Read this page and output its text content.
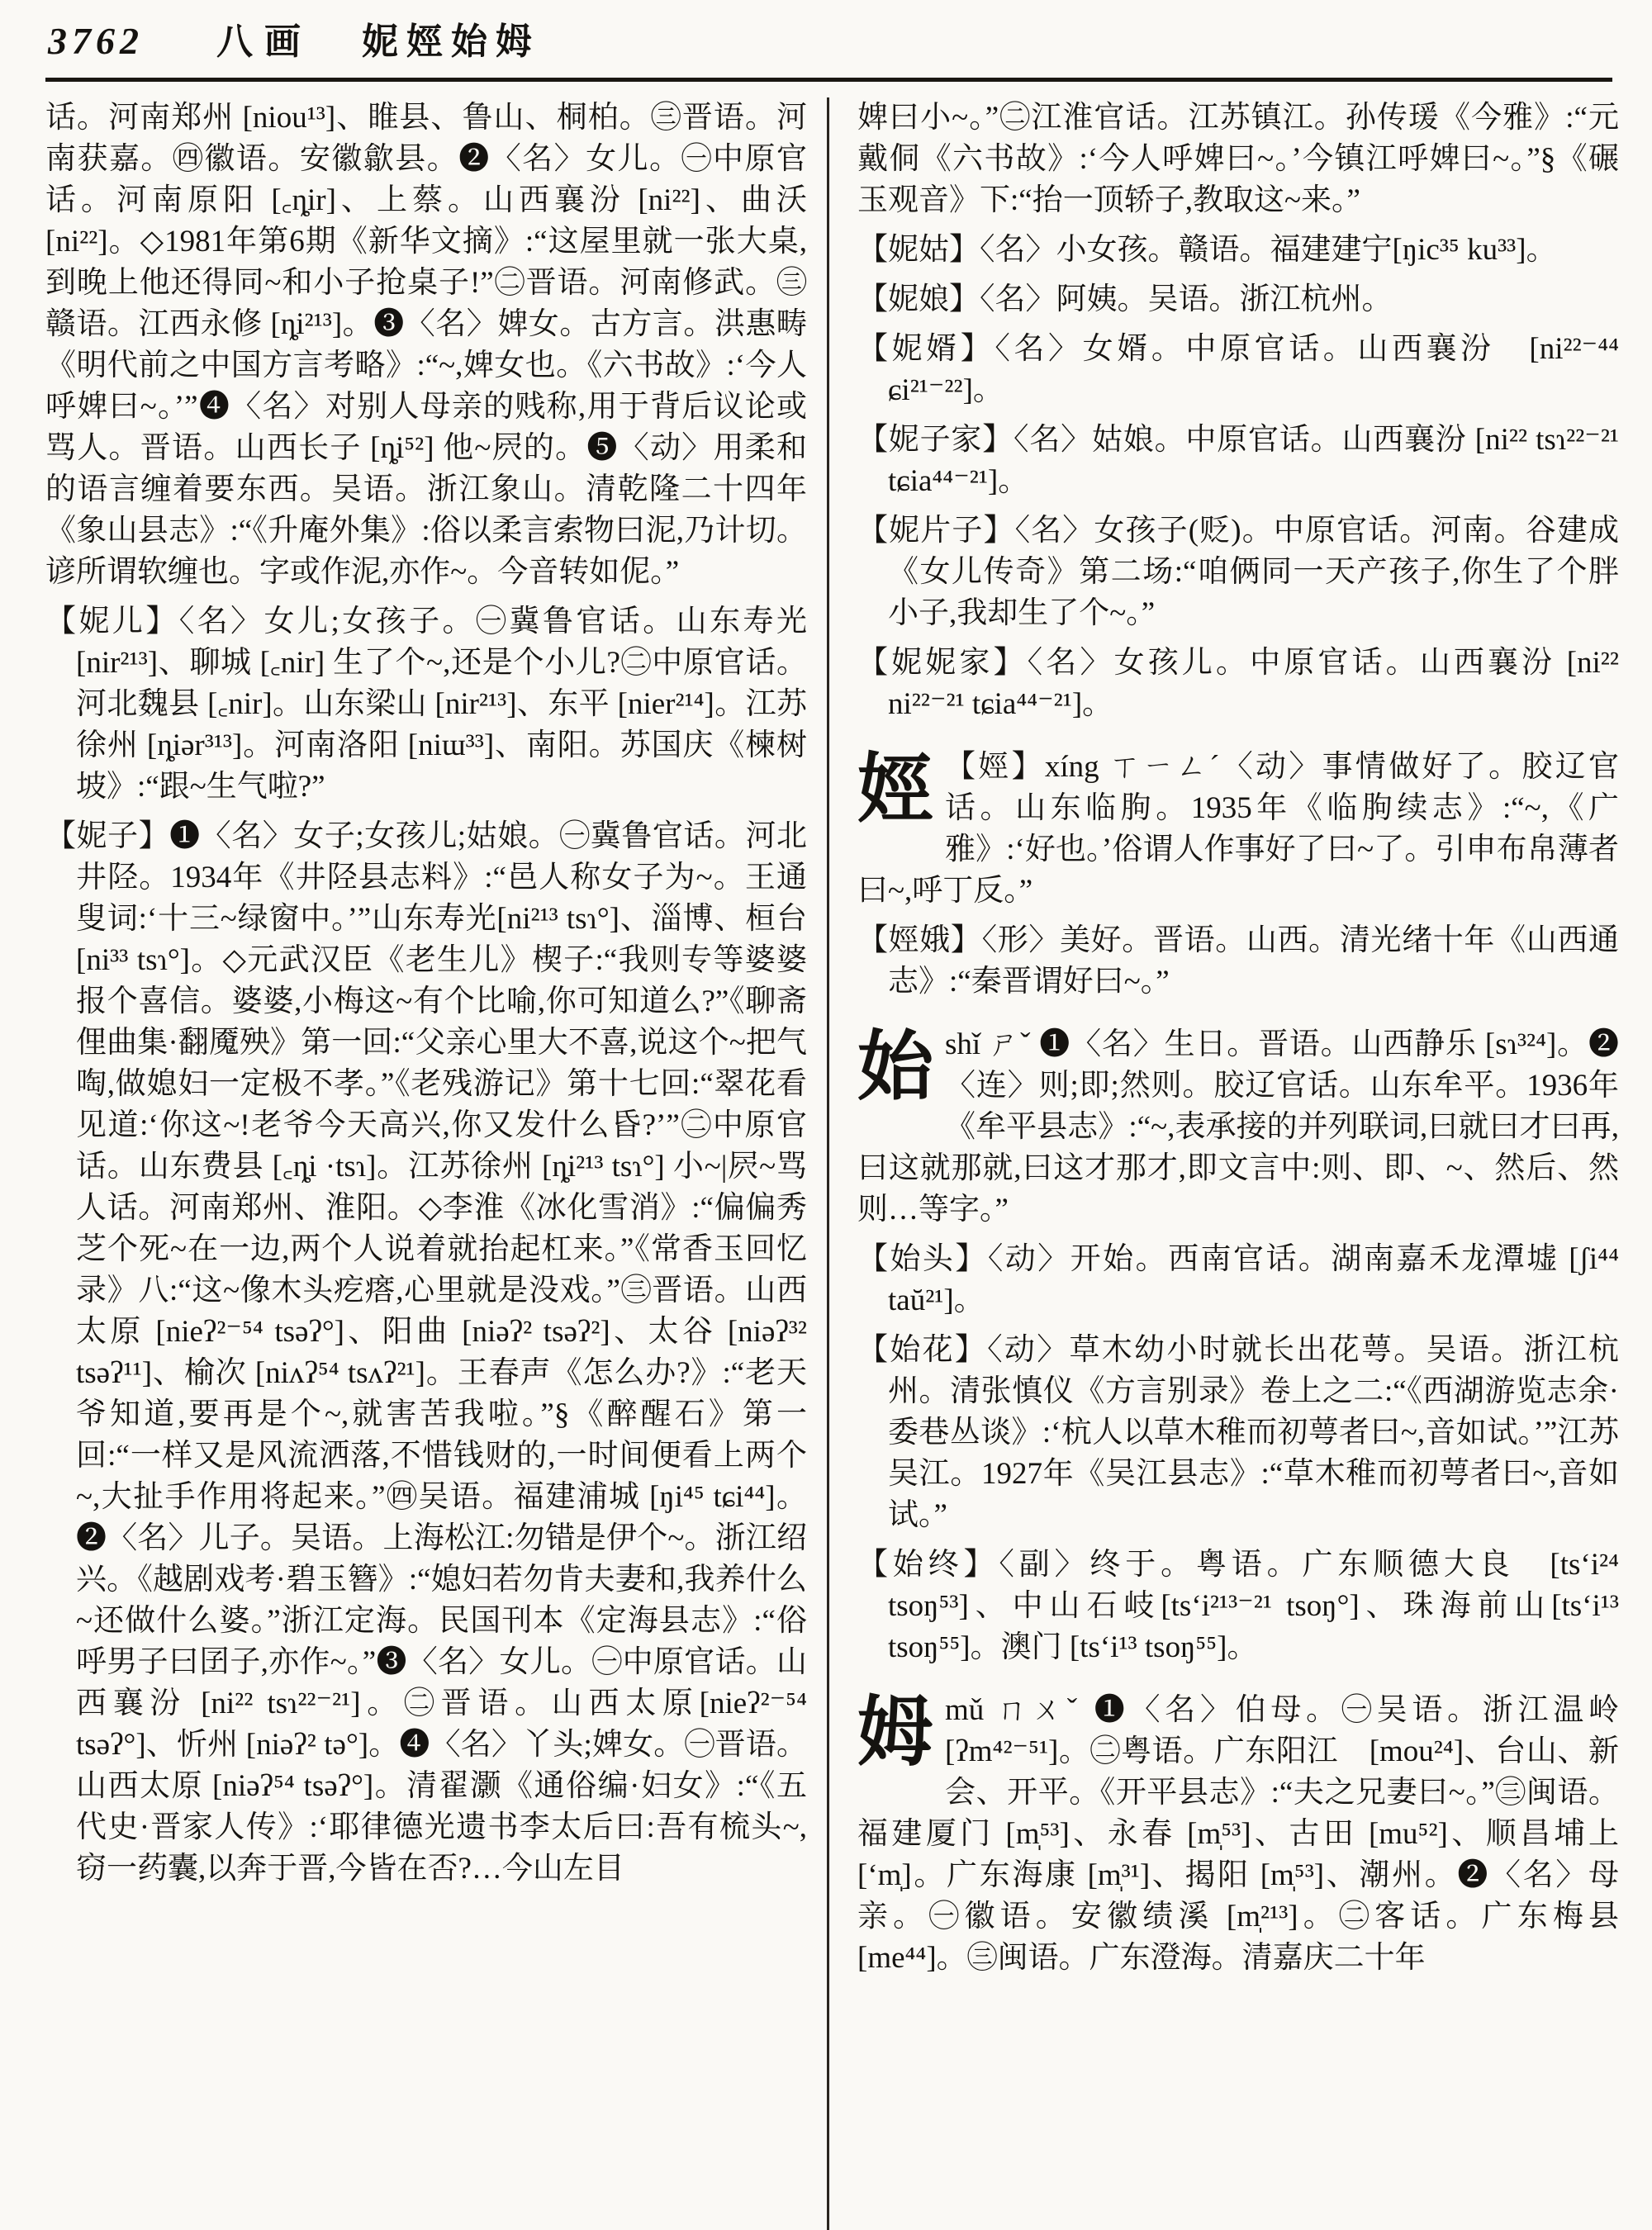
3762 八画 妮娙始姆

话。河南郑州 [niou¹³]、睢县、鲁山、桐柏。㊂晋语。河南获嘉。㊃徽语。安徽歙县。❷〈名〉女儿。㊀中原官话。河南原阳 [꜀ȵir]、上蔡。山西襄汾 [ni²²]、曲沃 [ni²²]。◇1981年第6期《新华文摘》:“这屋里就一张大桌,到晚上他还得同~和小子抢桌子!”㊁晋语。河南修武。㊂赣语。江西永修 [ȵi²¹³]。❸〈名〉婢女。古方言。洪惠畴《明代前之中国方言考略》:“~,婢女也。《六书故》:‘今人呼婢曰~。’”❹〈名〉对别人母亲的贱称,用于背后议论或骂人。晋语。山西长子 [ȵi⁵²] 他~屄的。❺〈动〉用柔和的语言缠着要东西。吴语。浙江象山。清乾隆二十四年《象山县志》:“《升庵外集》:俗以柔言索物曰泥,乃计切。谚所谓软缠也。字或作泥,亦作~。今音转如伲。”

【妮儿】〈名〉女儿;女孩子。㊀冀鲁官话。山东寿光 [nir²¹³]、聊城 [꜀nir] 生了个~,还是个小儿?㊁中原官话。河北魏县 [꜀nir]。山东梁山 [nir²¹³]、东平 [nier²¹⁴]。江苏徐州 [ȵiər³¹³]。河南洛阳 [niɯ³³]、南阳。苏国庆《楝树坡》:“跟~生气啦?”

【妮子】❶〈名〉女子;女孩儿;姑娘。㊀冀鲁官话。河北井陉。1934年《井陉县志料》:“邑人称女子为~。王通叟词:‘十三~绿窗中。’”山东寿光[ni²¹³ tsɿ°]、淄博、桓台 [ni³³ tsɿ°]。◇元武汉臣《老生儿》楔子:“我则专等婆婆报个喜信。婆婆,小梅这~有个比喻,你可知道么?”《聊斋俚曲集·翻魇殃》第一回:“父亲心里大不喜,说这个~把气啕,做媳妇一定极不孝。”《老残游记》第十七回:“翠花看见道:‘你这~!老爷今天高兴,你又发什么昏?’”㊁中原官话。山东费县 [꜀ȵi ·tsɿ]。江苏徐州 [ȵi²¹³ tsɿ°] 小~|屄~骂人话。河南郑州、淮阳。◇李淮《冰化雪消》:“偏偏秀芝个死~在一边,两个人说着就抬起杠来。”《常香玉回忆录》八:“这~像木头疙瘩,心里就是没戏。”㊂晋语。山西太原 [nieʔ²⁻⁵⁴ tsəʔ°]、阳曲 [niəʔ² tsəʔ²]、太谷 [niəʔ³² tsəʔ¹¹]、榆次 [niʌʔ⁵⁴ tsʌʔ²¹]。王春声《怎么办?》:“老天爷知道,要再是个~,就害苦我啦。”§《醉醒石》第一回:“一样又是风流洒落,不惜钱财的,一时间便看上两个~,大扯手作用将起来。”㊃吴语。福建浦城 [ŋi⁴⁵ tɕi⁴⁴]。❷〈名〉儿子。吴语。上海松江:勿错是伊个~。浙江绍兴。《越剧戏考·碧玉簪》:“媳妇若勿肯夫妻和,我养什么~还做什么婆。”浙江定海。民国刊本《定海县志》:“俗呼男子曰囝子,亦作~。”❸〈名〉女儿。㊀中原官话。山西襄汾 [ni²² tsɿ²²⁻²¹]。㊁晋语。山西太原[nieʔ²⁻⁵⁴ tsəʔ°]、忻州 [niəʔ² tə°]。❹〈名〉丫头;婢女。㊀晋语。山西太原 [niəʔ⁵⁴ tsəʔ°]。清翟灏《通俗编·妇女》:“《五代史·晋家人传》:‘耶律德光遗书李太后曰:吾有梳头~,窃一药囊,以奔于晋,今皆在否?…今山左目

婢曰小~。”㊁江淮官话。江苏镇江。孙传瑗《今雅》:“元戴侗《六书故》:‘今人呼婢曰~。’今镇江呼婢曰~。”§《碾玉观音》下:“抬一顶轿子,教取这~来。”

【妮姑】〈名〉小女孩。赣语。福建建宁[ŋic³⁵ ku³³]。

【妮娘】〈名〉阿姨。吴语。浙江杭州。

【妮婿】〈名〉女婿。中原官话。山西襄汾　[ni²²⁻⁴⁴ ɕi²¹⁻²²]。

【妮子家】〈名〉姑娘。中原官话。山西襄汾 [ni²² tsɿ²²⁻²¹ tɕia⁴⁴⁻²¹]。

【妮片子】〈名〉女孩子(贬)。中原官话。河南。谷建成《女儿传奇》第二场:“咱俩同一天产孩子,你生了个胖小子,我却生了个~。”

【妮妮家】〈名〉女孩儿。中原官话。山西襄汾 [ni²² ni²²⁻²¹ tɕia⁴⁴⁻²¹]。

娙 【娙】xíng ㄒㄧㄥˊ〈动〉事情做好了。胶辽官话。山东临朐。1935年《临朐续志》:“~,《广雅》:‘好也。’俗谓人作事好了曰~了。引申布帛薄者曰~,呼丁反。”

【娙娥】〈形〉美好。晋语。山西。清光绪十年《山西通志》:“秦晋谓好曰~。”

始shǐ ㄕˇ ❶〈名〉生日。晋语。山西静乐 [sɿ³²⁴]。❷〈连〉则;即;然则。胶辽官话。山东牟平。1936年《牟平县志》:“~,表承接的并列联词,曰就曰才曰再,曰这就那就,曰这才那才,即文言中:则、即、~、然后、然则…等字。”

【始头】〈动〉开始。西南官话。湖南嘉禾龙潭墟 [ʃi⁴⁴ taŭ²¹]。

【始花】〈动〉草木幼小时就长出花萼。吴语。浙江杭州。清张慎仪《方言别录》卷上之二:“《西湖游览志余·委巷丛谈》:‘杭人以草木稚而初萼者曰~,音如试。’”江苏吴江。1927年《吴江县志》:“草木稚而初萼者曰~,音如试。”

【始终】〈副〉终于。粤语。广东顺德大良　[tsʻi²⁴ tsoŋ⁵³]、中山石岐[tsʻi²¹³⁻²¹ tsoŋ°]、珠海前山[tsʻi¹³ tsoŋ⁵⁵]。澳门 [tsʻi¹³ tsoŋ⁵⁵]。

姆mǔ ㄇㄨˇ ❶〈名〉伯母。㊀吴语。浙江温岭[ʔm⁴²⁻⁵¹]。㊁粤语。广东阳江　[mou²⁴]、台山、新会、开平。《开平县志》:“夫之兄妻曰~。”㊂闽语。福建厦门 [m̩⁵³]、永春 [m̩⁵³]、古田 [mu⁵²]、顺昌埔上[ʻm̩]。广东海康 [m̩³¹]、揭阳 [m̩⁵³]、潮州。❷〈名〉母亲。㊀徽语。安徽绩溪 [m̩²¹³]。㊁客话。广东梅县 [me⁴⁴]。㊂闽语。广东澄海。清嘉庆二十年
